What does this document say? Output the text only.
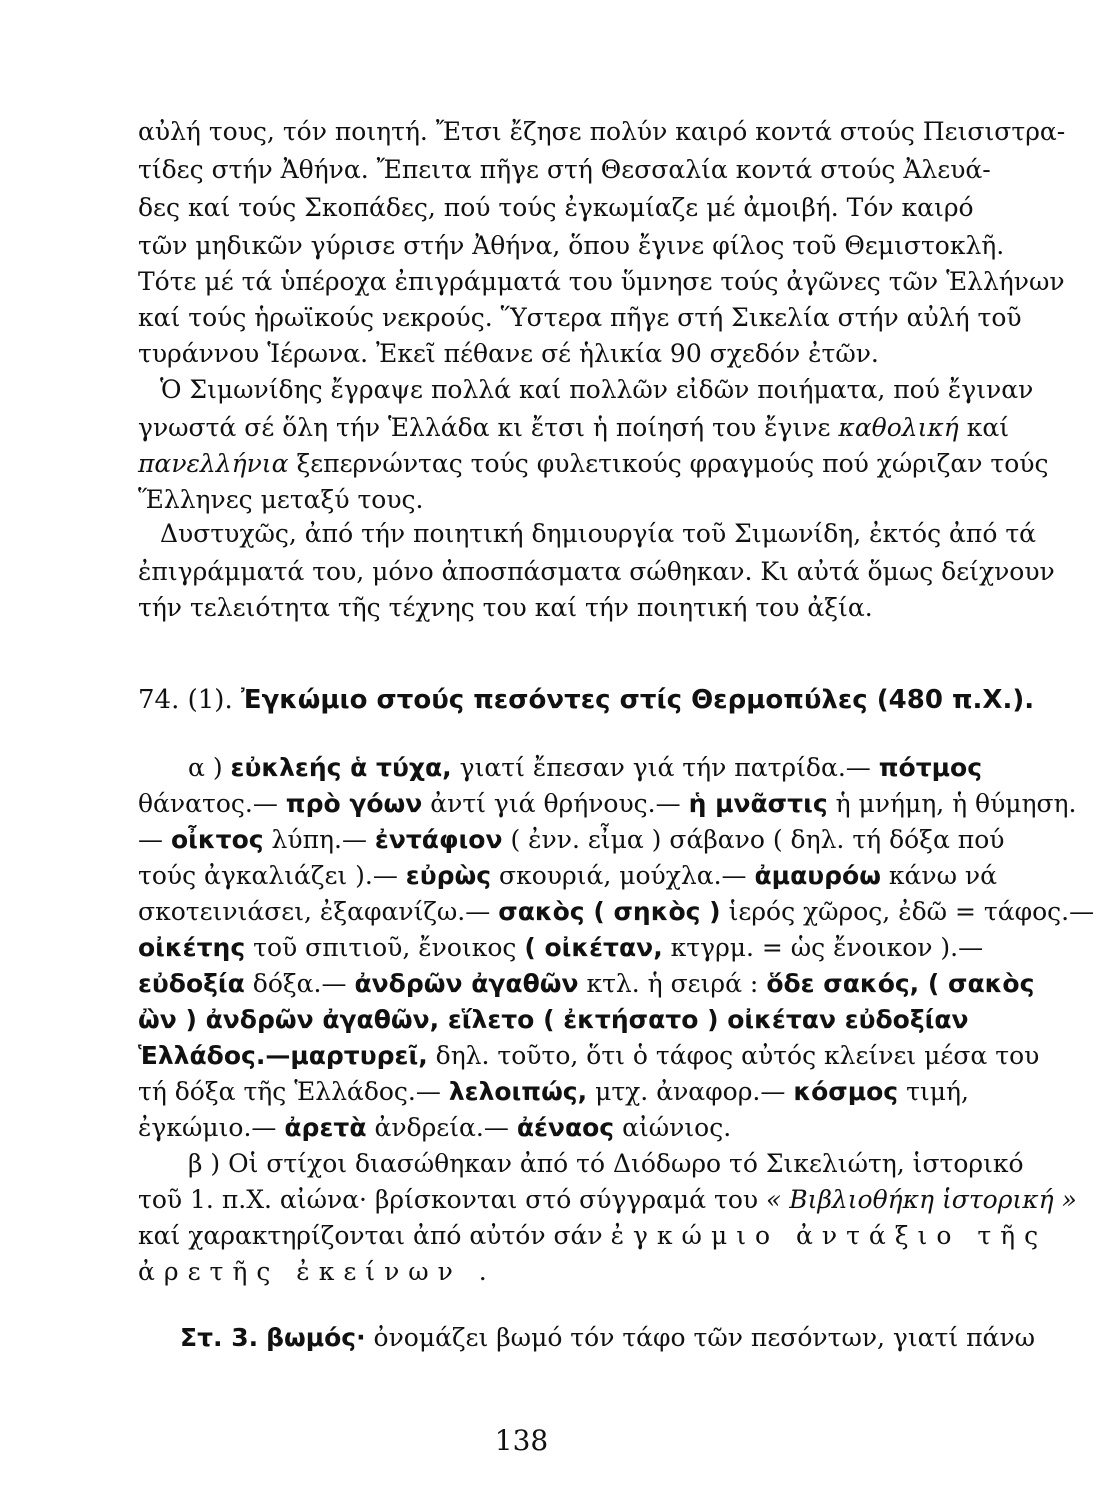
αὐλή τους, τόν ποιητή. Ἔτσι ἔζησε πολύν καιρό κοντά στούς Πεισιστρα-
τίδες στήν Ἀθήνα. Ἔπειτα πῆγε στή Θεσσαλία κοντά στούς Ἀλευά-
δες καί τούς Σκοπάδες, πού τούς ἐγκωμίαζε μέ ἀμοιβή. Τόν καιρό
τῶν μηδικῶν γύρισε στήν Ἀθήνα, ὅπου ἔγινε φίλος τοῦ Θεμιστοκλῆ.
Τότε μέ τά ὑπέροχα ἐπιγράμματά του ὕμνησε τούς ἀγῶνες τῶν Ἑλλήνων
καί τούς ἡρωϊκούς νεκρούς. Ὕστερα πῆγε στή Σικελία στήν αὐλή τοῦ
τυράννου Ἱέρωνα. Ἐκεῖ πέθανε σέ ἡλικία 90 σχεδόν ἐτῶν.
Ὁ Σιμωνίδης ἔγραψε πολλά καί πολλῶν εἰδῶν ποιήματα, πού ἔγιναν
γνωστά σέ ὅλη τήν Ἑλλάδα κι ἔτσι ἡ ποίησή του ἔγινε καθολική καί
πανελλήνια ξεπερνώντας τούς φυλετικούς φραγμούς πού χώριζαν τούς
Ἕλληνες μεταξύ τους.
Δυστυχῶς, ἀπό τήν ποιητική δημιουργία τοῦ Σιμωνίδη, ἐκτός ἀπό τά
ἐπιγράμματά του, μόνο ἀποσπάσματα σώθηκαν. Κι αὐτά ὅμως δείχνουν
τήν τελειότητα τῆς τέχνης του καί τήν ποιητική του ἀξία.
74. (1). Ἐγκώμιο στούς πεσόντες στίς Θερμοπύλες (480 π.Χ.).
α ) εὐκλεής ἁ τύχα, γιατί ἔπεσαν γιά τήν πατρίδα.— πότμος
θάνατος.— πρὸ γόων ἀντί γιά θρήνους.— ἡ μνᾶστις ἡ μνήμη, ἡ θύμηση.
— οἶκτος λύπη.— ἐντάφιον ( ἐνν. εἶμα ) σάβανο ( δηλ. τή δόξα πού
τούς ἀγκαλιάζει ).— εὐρὼς σκουριά, μούχλα.— ἀμαυρόω κάνω νά
σκοτεινιάσει, ἐξαφανίζω.— σακὸς ( σηκὸς ) ἱερός χῶρος, ἐδῶ = τάφος.—
οἰκέτης τοῦ σπιτιοῦ, ἔνοικος ( οἰκέταν, κτγρμ. = ὡς ἔνοικον ).—
εὐδοξία δόξα.— ἀνδρῶν ἀγαθῶν κτλ. ἡ σειρά : ὅδε σακός, ( σακὸς
ὢν ) ἀνδρῶν ἀγαθῶν, εἵλετο ( ἐκτήσατο ) οἰκέταν εὐδοξίαν
Ἑλλάδος.—μαρτυρεῖ, δηλ. τοῦτο, ὅτι ὁ τάφος αὐτός κλείνει μέσα του
τή δόξα τῆς Ἑλλάδος.— λελοιπώς, μτχ. ἀναφορ.— κόσμος τιμή,
ἐγκώμιο.— ἀρετὰ ἀνδρεία.— ἀέναος αἰώνιος.
β ) Οἱ στίχοι διασώθηκαν ἀπό τό Διόδωρο τό Σικελιώτη, ἱστορικό
τοῦ 1. π.Χ. αἰώνα· βρίσκονται στό σύγγραμά του « Βιβλιοθήκη ἱστορική »
καί χαρακτηρίζονται ἀπό αὐτόν σάν ἐγκώμιο ἀντάξιο τῆς
ἀρετῆς ἐκείνων .
Στ. 3. βωμός· ὀνομάζει βωμό τόν τάφο τῶν πεσόντων, γιατί πάνω
138
